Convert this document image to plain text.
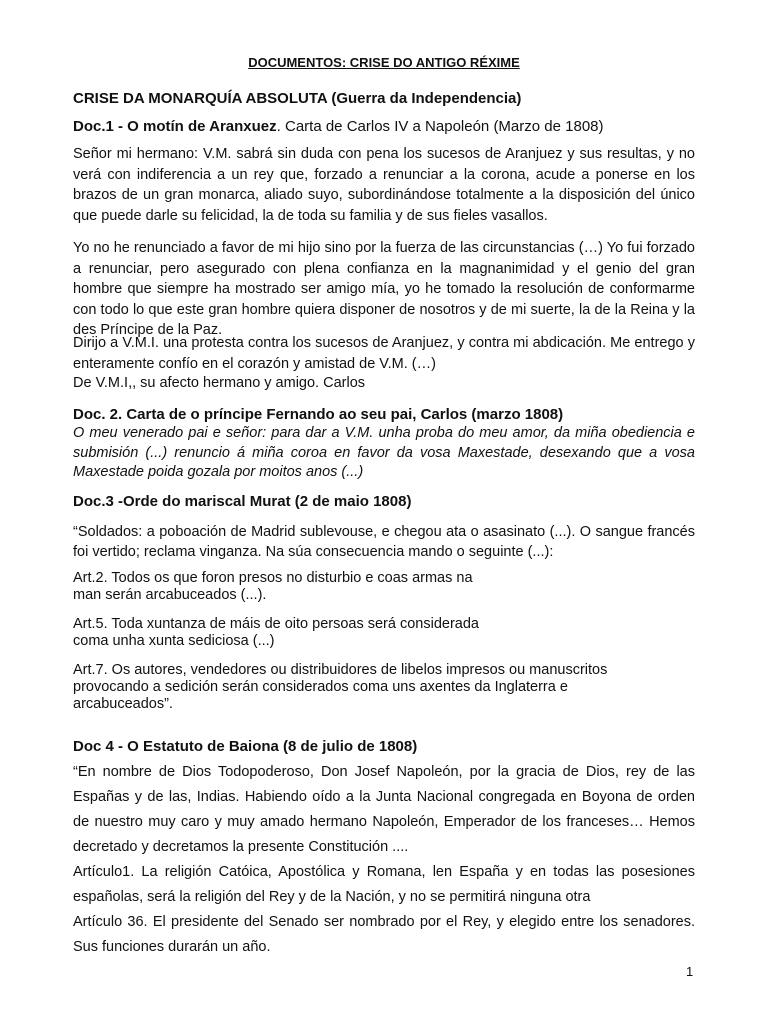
DOCUMENTOS: CRISE DO ANTIGO RÉXIME
CRISE DA MONARQUÍA ABSOLUTA (Guerra da Independencia)
Doc.1 - O motín de Aranxuez. Carta de Carlos IV a Napoleón (Marzo de 1808)
Señor mi hermano: V.M. sabrá sin duda con pena los sucesos de Aranjuez y sus resultas, y no verá con indiferencia a un rey que, forzado a renunciar a la corona, acude a ponerse en los brazos de un gran monarca, aliado suyo, subordinándose totalmente a la disposición del único que puede darle su felicidad, la de toda su familia y de sus fieles vasallos.
Yo no he renunciado a favor de mi hijo sino por la fuerza de las circunstancias (…) Yo fui forzado a renunciar, pero asegurado con plena confianza en la magnanimidad y el genio del gran hombre que siempre ha mostrado ser amigo mía, yo he tomado la resolución de conformarme con todo lo que este gran hombre quiera disponer de nosotros y de mi suerte, la de la Reina y la des Príncipe de la Paz.
Dirijo a V.M.I. una protesta contra los sucesos de Aranjuez, y contra mi abdicación. Me entrego y enteramente confío en el corazón y amistad de V.M. (…)
De V.M.I,, su afecto hermano y amigo. Carlos
Doc. 2. Carta de o príncipe Fernando ao seu pai, Carlos (marzo 1808)
O meu venerado pai e señor: para dar a V.M. unha proba do meu amor, da miña obediencia e submisión (...) renuncio á miña coroa en favor da vosa Maxestade, desexando que a vosa Maxestade poida gozala por moitos anos (...)
Doc.3 -Orde do mariscal Murat (2 de maio 1808)
“Soldados: a poboación de Madrid sublevouse, e chegou ata o asasinato (...). O sangue francés foi vertido; reclama vinganza. Na súa consecuencia mando o seguinte (...):
Art.2. Todos os que foron presos no disturbio e coas armas na
man serán arcabuceados (...).
Art.5. Toda xuntanza de máis de oito persoas será considerada
coma unha xunta sediciosa (...)
Art.7. Os autores, vendedores ou distribuidores de libelos impresos ou manuscritos
provocando a sedición serán considerados coma uns axentes da Inglaterra e
arcabuceados”.
Doc 4 - O Estatuto de Baiona (8 de julio de 1808)
“En nombre de Dios Todopoderoso, Don Josef Napoleón, por la gracia de Dios, rey de las Españas y de las, Indias. Habiendo oído a la Junta Nacional congregada en Boyona de orden de nuestro muy caro y muy amado hermano Napoleón, Emperador de los franceses… Hemos decretado y decretamos la presente Constitución ....
Artículo1. La religión Catóica, Apostólica y Romana, len España y en todas las posesiones españolas, será la religión del Rey y de la Nación, y no se permitirá ninguna otra
Artículo 36. El presidente del Senado ser nombrado por el Rey, y elegido entre los senadores. Sus funciones durarán un año.
1
